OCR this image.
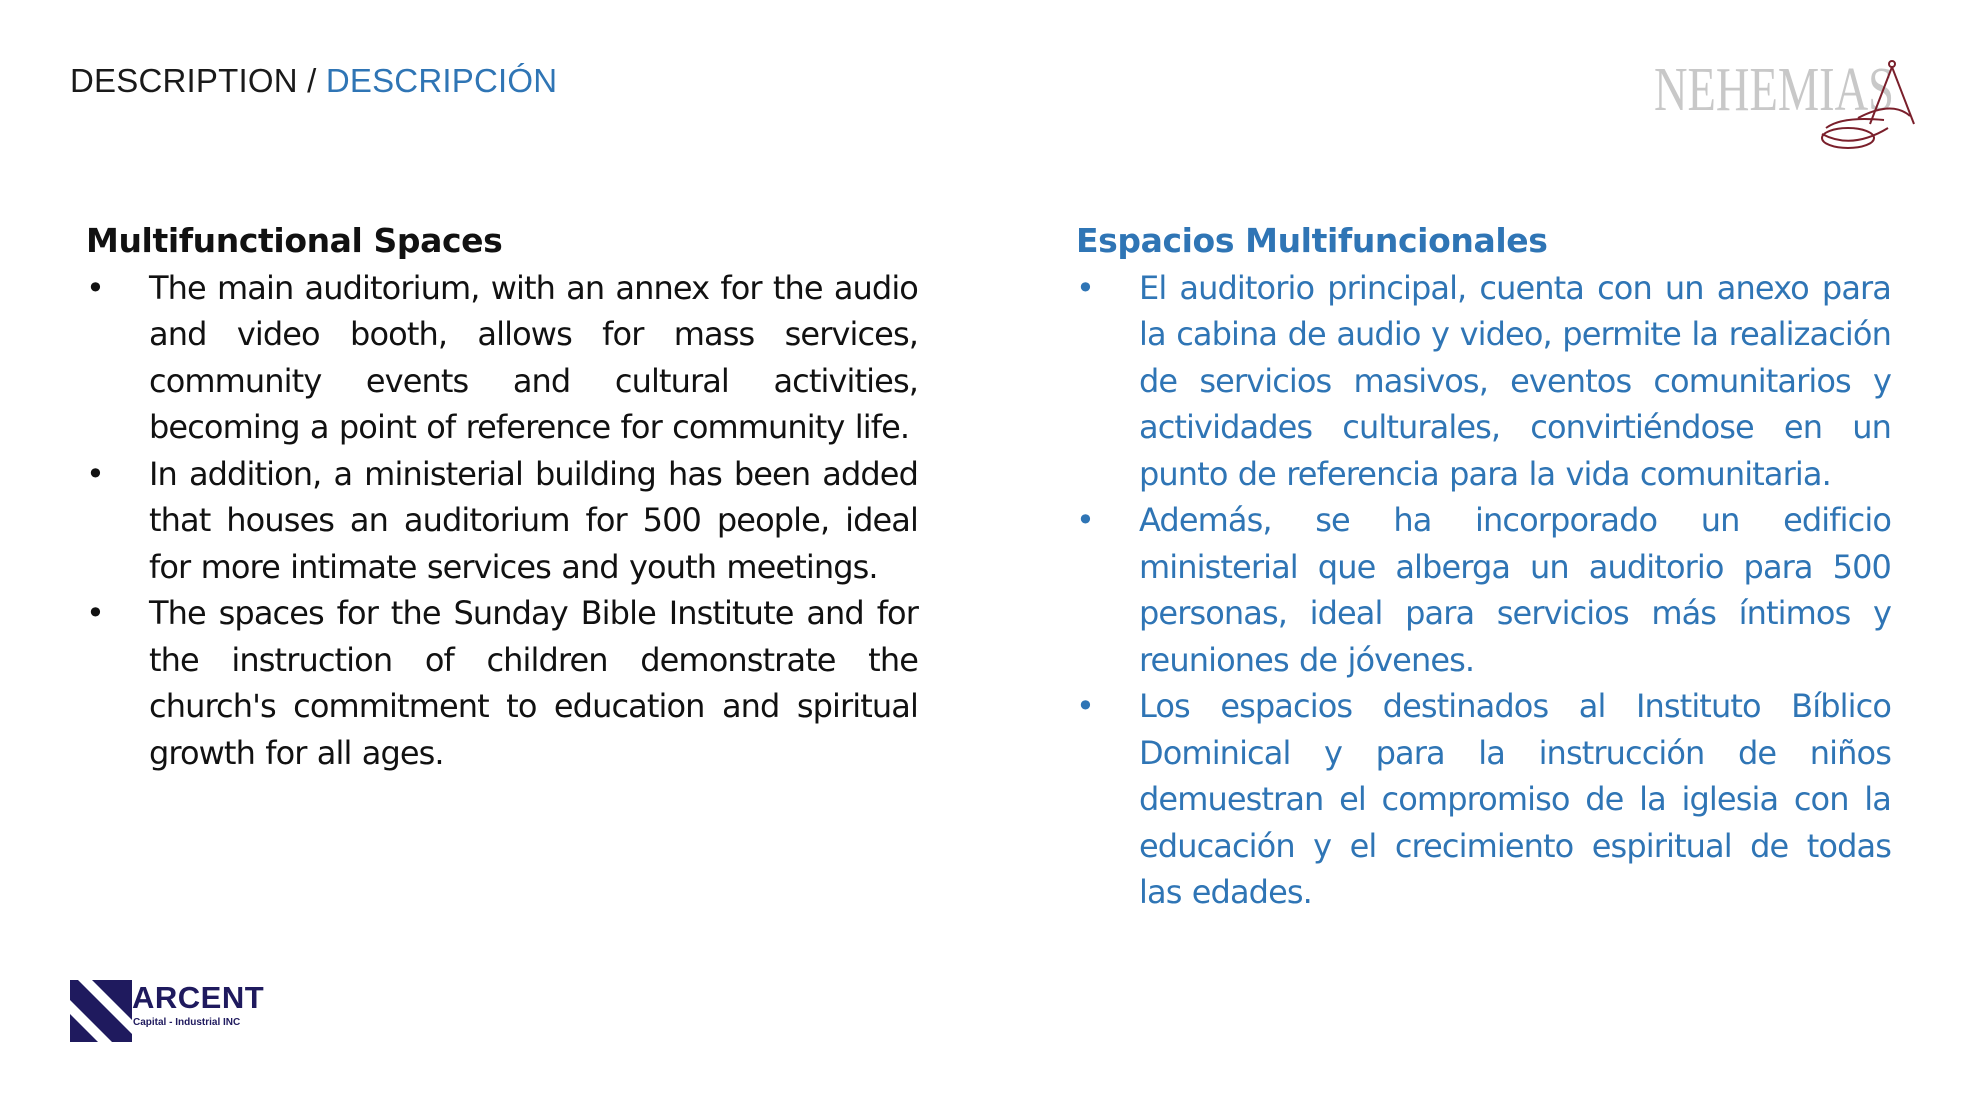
DESCRIPTION / DESCRIPCIÓN	NEHEMIAS
Multifunctional Spaces
• The main auditorium, with an annex for the audio and video booth, allows for mass services, community events and cultural activities, becoming a point of reference for community life.
• In addition, a ministerial building has been added that houses an auditorium for 500 people, ideal for more intimate services and youth meetings.
• The spaces for the Sunday Bible Institute and for the instruction of children demonstrate the church's commitment to education and spiritual growth for all ages.
Espacios Multifuncionales
• El auditorio principal, cuenta con un anexo para la cabina de audio y video, permite la realización de servicios masivos, eventos comunitarios y actividades culturales, convirtiéndose en un punto de referencia para la vida comunitaria.
• Además, se ha incorporado un edificio ministerial que alberga un auditorio para 500 personas, ideal para servicios más íntimos y reuniones de jóvenes.
• Los espacios destinados al Instituto Bíblico Dominical y para la instrucción de niños demuestran el compromiso de la iglesia con la educación y el crecimiento espiritual de todas las edades.
ARCENT
Capital - Industrial INC
